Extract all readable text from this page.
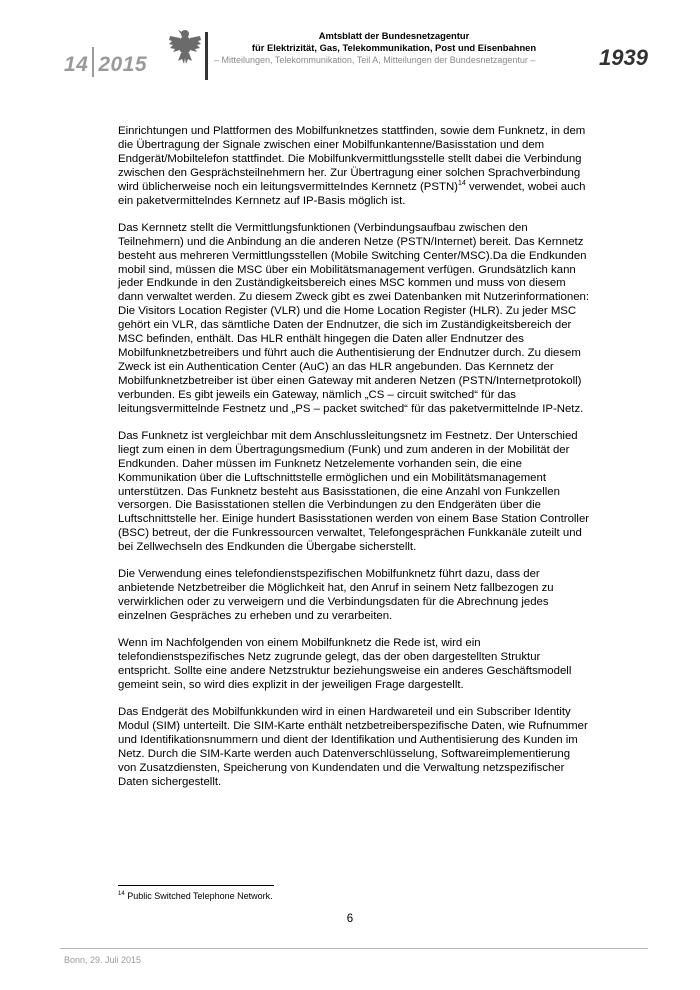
14 2015
Amtsblatt der Bundesnetzagentur
für Elektrizität, Gas, Telekommunikation, Post und Eisenbahnen
– Mitteilungen, Telekommunikation, Teil A, Mitteilungen der Bundesnetzagentur –	1939

Einrichtungen und Plattformen des Mobilfunknetzes stattfinden, sowie dem Funknetz, in dem die Übertragung der Signale zwischen einer Mobilfunkantenne/Basisstation und dem Endgerät/Mobiltelefon stattfindet. Die Mobilfunkvermittlungsstelle stellt dabei die Verbindung zwischen den Gesprächsteilnehmern her. Zur Übertragung einer solchen Sprachverbindung wird üblicherweise noch ein leitungsvermitteIndes Kernnetz (PSTN)$^{14}$ verwendet, wobei auch ein paketvermittelndes Kernnetz auf IP-Basis möglich ist.

Das Kernnetz stellt die Vermittlungsfunktionen (Verbindungsaufbau zwischen den Teilnehmern) und die Anbindung an die anderen Netze (PSTN/Internet) bereit. Das Kernnetz besteht aus mehreren Vermittlungsstellen (Mobile Switching Center/MSC).Da die Endkunden mobil sind, müssen die MSC über ein Mobilitätsmanagement verfügen. Grundsätzlich kann jeder Endkunde in den Zuständigkeitsbereich eines MSC kommen und muss von diesem dann verwaltet werden. Zu diesem Zweck gibt es zwei Datenbanken mit Nutzerinformationen: Die Visitors Location Register (VLR) und die Home Location Register (HLR). Zu jeder MSC gehört ein VLR, das sämtliche Daten der Endnutzer, die sich im Zuständigkeitsbereich der MSC befinden, enthält. Das HLR enthält hingegen die Daten aller Endnutzer des Mobilfunknetzbetreibers und führt auch die Authentisierung der Endnutzer durch. Zu diesem Zweck ist ein Authentication Center (AuC) an das HLR angebunden. Das Kernnetz der Mobilfunknetzbetreiber ist über einen Gateway mit anderen Netzen (PSTN/Internetprotokoll) verbunden. Es gibt jeweils ein Gateway, nämlich „CS – circuit switched“ für das leitungsvermittelnde Festnetz und „PS – packet switched“ für das paketvermittelnde IP-Netz.

Das Funknetz ist vergleichbar mit dem Anschlussleitungsnetz im Festnetz. Der Unterschied liegt zum einen in dem Übertragungsmedium (Funk) und zum anderen in der Mobilität der Endkunden. Daher müssen im Funknetz Netzelemente vorhanden sein, die eine Kommunikation über die Luftschnittstelle ermöglichen und ein Mobilitätsmanagement unterstützen. Das Funknetz besteht aus Basisstationen, die eine Anzahl von Funkzellen versorgen. Die Basisstationen stellen die Verbindungen zu den Endgeräten über die Luftschnittstelle her. Einige hundert Basisstationen werden von einem Base Station Controller (BSC) betreut, der die Funkressourcen verwaltet, Telefongesprächen Funkkanäle zuteilt und bei Zellwechseln des Endkunden die Übergabe sicherstellt.

Die Verwendung eines telefondienstspezifischen Mobilfunknetz führt dazu, dass der anbietende Netzbetreiber die Möglichkeit hat, den Anruf in seinem Netz fallbezogen zu verwirklichen oder zu verweigern und die Verbindungsdaten für die Abrechnung jedes einzelnen Gespräches zu erheben und zu verarbeiten.

Wenn im Nachfolgenden von einem Mobilfunknetz die Rede ist, wird ein telefondienstspezifisches Netz zugrunde gelegt, das der oben dargestellten Struktur entspricht. Sollte eine andere Netzstruktur beziehungsweise ein anderes Geschäftsmodell gemeint sein, so wird dies explizit in der jeweiligen Frage dargestellt.

Das Endgerät des Mobilfunkkunden wird in einen Hardwareteil und ein Subscriber Identity Modul (SIM) unterteilt. Die SIM-Karte enthält netzbetreiberspezifische Daten, wie Rufnummer und Identifikationsnummern und dient der Identifikation und Authentisierung des Kunden im Netz. Durch die SIM-Karte werden auch Datenverschlüsselung, Softwareimplementierung von Zusatzdiensten, Speicherung von Kundendaten und die Verwaltung netzspezifischer Daten sichergestellt.

$^{14}$ Public Switched Telephone Network.
6
Bonn, 29. Juli 2015
